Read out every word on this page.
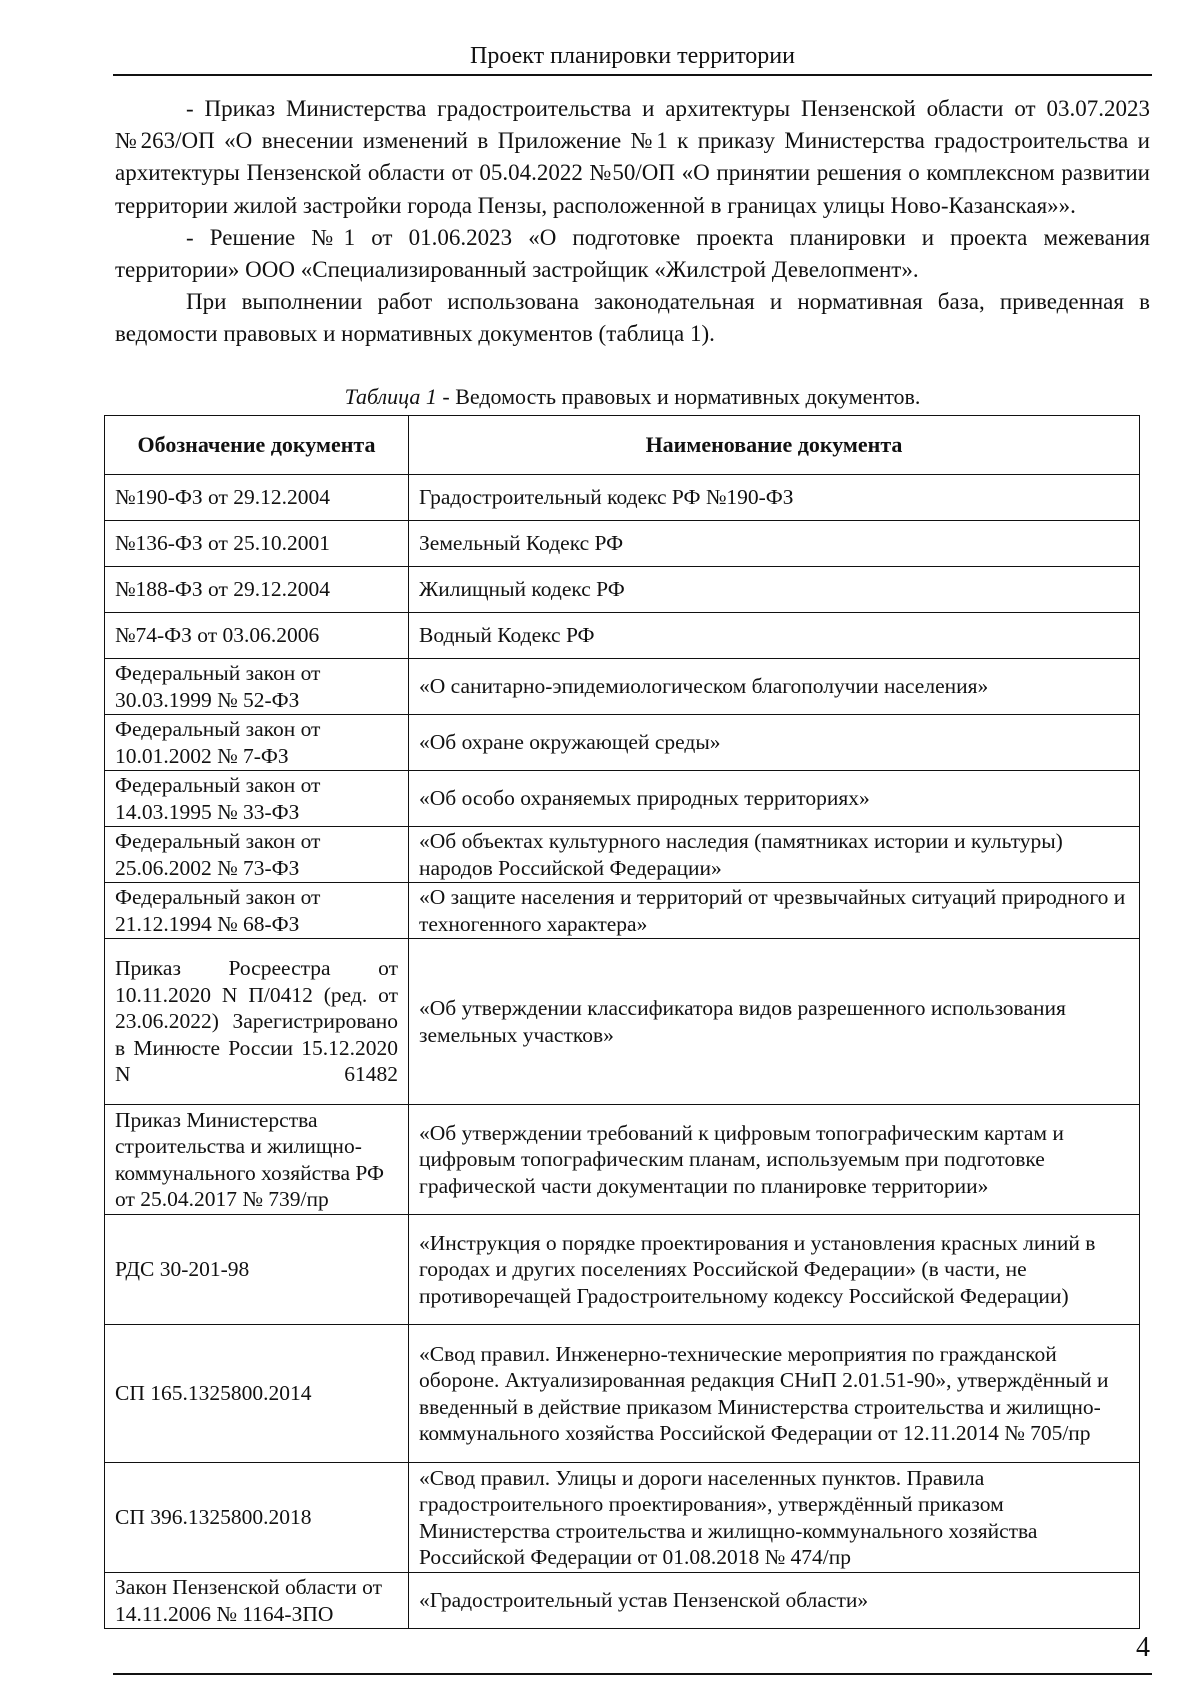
Проект планировки территории

- Приказ Министерства градостроительства и архитектуры Пензенской области от 03.07.2023 №263/ОП «О внесении изменений в Приложение №1 к приказу Министерства градостроительства и архитектуры Пензенской области от 05.04.2022 №50/ОП «О принятии решения о комплексном развитии территории жилой застройки города Пензы, расположенной в границах улицы Ново-Казанская»».

- Решение №1 от 01.06.2023 «О подготовке проекта планировки и проекта межевания территории» ООО «Специализированный застройщик «Жилстрой Девелопмент».

При выполнении работ использована законодательная и нормативная база, приведенная в ведомости правовых и нормативных документов (таблица 1).

Таблица 1 - Ведомость правовых и нормативных документов.
Обозначение документа	Наименование документа
№190-ФЗ от 29.12.2004	Градостроительный кодекс РФ №190-ФЗ
№136-ФЗ от 25.10.2001	Земельный Кодекс РФ
№188-ФЗ от 29.12.2004	Жилищный кодекс РФ
№74-ФЗ от 03.06.2006	Водный Кодекс РФ
Федеральный закон от 30.03.1999 № 52-ФЗ	«О санитарно-эпидемиологическом благополучии населения»
Федеральный закон от 10.01.2002 № 7-ФЗ	«Об охране окружающей среды»
Федеральный закон от 14.03.1995 № 33-ФЗ	«Об особо охраняемых природных территориях»
Федеральный закон от 25.06.2002 № 73-ФЗ	«Об объектах культурного наследия (памятниках истории и культуры) народов Российской Федерации»
Федеральный закон от 21.12.1994 № 68-ФЗ	«О защите населения и территорий от чрезвычайных ситуаций природного и техногенного характера»
Приказ Росреестра от 10.11.2020 N П/0412 (ред. от 23.06.2022) Зарегистрировано в Минюсте России 15.12.2020 N 61482	«Об утверждении классификатора видов разрешенного использования земельных участков»
Приказ Министерства строительства и жилищно-коммунального хозяйства РФ от 25.04.2017 № 739/пр	«Об утверждении требований к цифровым топографическим картам и цифровым топографическим планам, используемым при подготовке графической части документации по планировке территории»
РДС 30-201-98	«Инструкция о порядке проектирования и установления красных линий в городах и других поселениях Российской Федерации» (в части, не противоречащей Градостроительному кодексу Российской Федерации)
СП 165.1325800.2014	«Свод правил. Инженерно-технические мероприятия по гражданской обороне. Актуализированная редакция СНиП 2.01.51-90», утверждённый и введенный в действие приказом Министерства строительства и жилищно-коммунального хозяйства Российской Федерации от 12.11.2014 № 705/пр
СП 396.1325800.2018	«Свод правил. Улицы и дороги населенных пунктов. Правила градостроительного проектирования», утверждённый приказом Министерства строительства и жилищно-коммунального хозяйства Российской Федерации от 01.08.2018 № 474/пр
Закон Пензенской области от 14.11.2006 № 1164-ЗПО	«Градостроительный устав Пензенской области»
4
